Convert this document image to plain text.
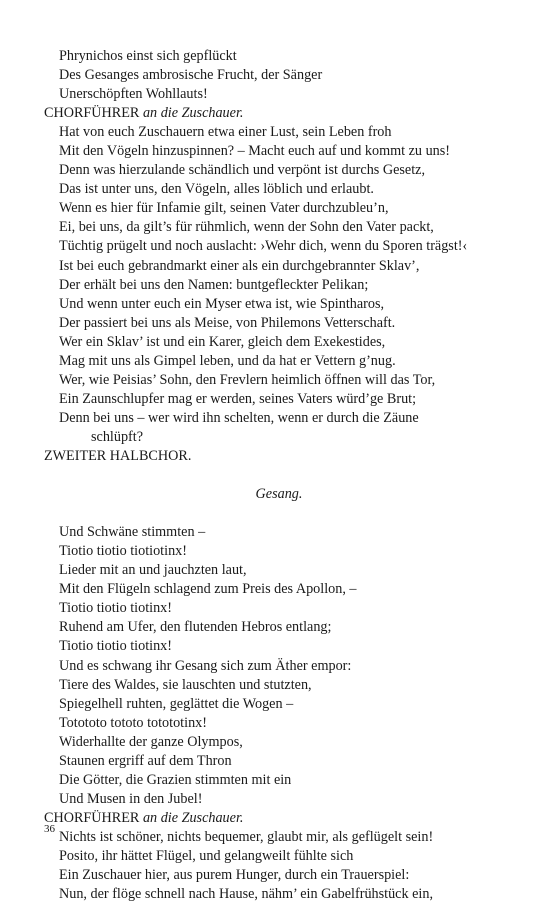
Phrynichos einst sich gepflückt
Des Gesanges ambrosische Frucht, der Sänger
Unerschöpften Wohllauts!
CHORFÜHRER an die Zuschauer.
Hat von euch Zuschauern etwa einer Lust, sein Leben froh
Mit den Vögeln hinzuspinnen? – Macht euch auf und kommt zu uns!
Denn was hierzulande schändlich und verpönt ist durchs Gesetz,
Das ist unter uns, den Vögeln, alles löblich und erlaubt.
Wenn es hier für Infamie gilt, seinen Vater durchzubleu’n,
Ei, bei uns, da gilt’s für rühmlich, wenn der Sohn den Vater packt,
Tüchtig prügelt und noch auslacht: ›Wehr dich, wenn du Sporen trägst!‹
Ist bei euch gebrandmarkt einer als ein durchgebrannter Sklav’,
Der erhält bei uns den Namen: buntgefleckter Pelikan;
Und wenn unter euch ein Myser etwa ist, wie Spintharos,
Der passiert bei uns als Meise, von Philemons Vetterschaft.
Wer ein Sklav’ ist und ein Karer, gleich dem Exekestides,
Mag mit uns als Gimpel leben, und da hat er Vettern g’nug.
Wer, wie Peisias’ Sohn, den Frevlern heimlich öffnen will das Tor,
Ein Zaunschlupfer mag er werden, seines Vaters würd’ge Brut;
Denn bei uns – wer wird ihn schelten, wenn er durch die Zäune
schlüpft?
ZWEITER HALBCHOR.
Gesang.
Und Schwäne stimmten –
Tiotio tiotio tiotiotinx!
Lieder mit an und jauchzten laut,
Mit den Flügeln schlagend zum Preis des Apollon, –
Tiotio tiotio tiotinx!
Ruhend am Ufer, den flutenden Hebros entlang;
Tiotio tiotio tiotinx!
Und es schwang ihr Gesang sich zum Äther empor:
Tiere des Waldes, sie lauschten und stutzten,
Spiegelhell ruhten, geglättet die Wogen –
Totototo tototo totototinx!
Widerhallte der ganze Olympos,
Staunen ergriff auf dem Thron
Die Götter, die Grazien stimmten mit ein
Und Musen in den Jubel!
CHORFÜHRER an die Zuschauer.
Nichts ist schöner, nichts bequemer, glaubt mir, als geflügelt sein!
Posito, ihr hättet Flügel, und gelangweilt fühlte sich
Ein Zuschauer hier, aus purem Hunger, durch ein Trauerspiel:
Nun, der flöge schnell nach Hause, nähm’ ein Gabelfrühstück ein,
36
